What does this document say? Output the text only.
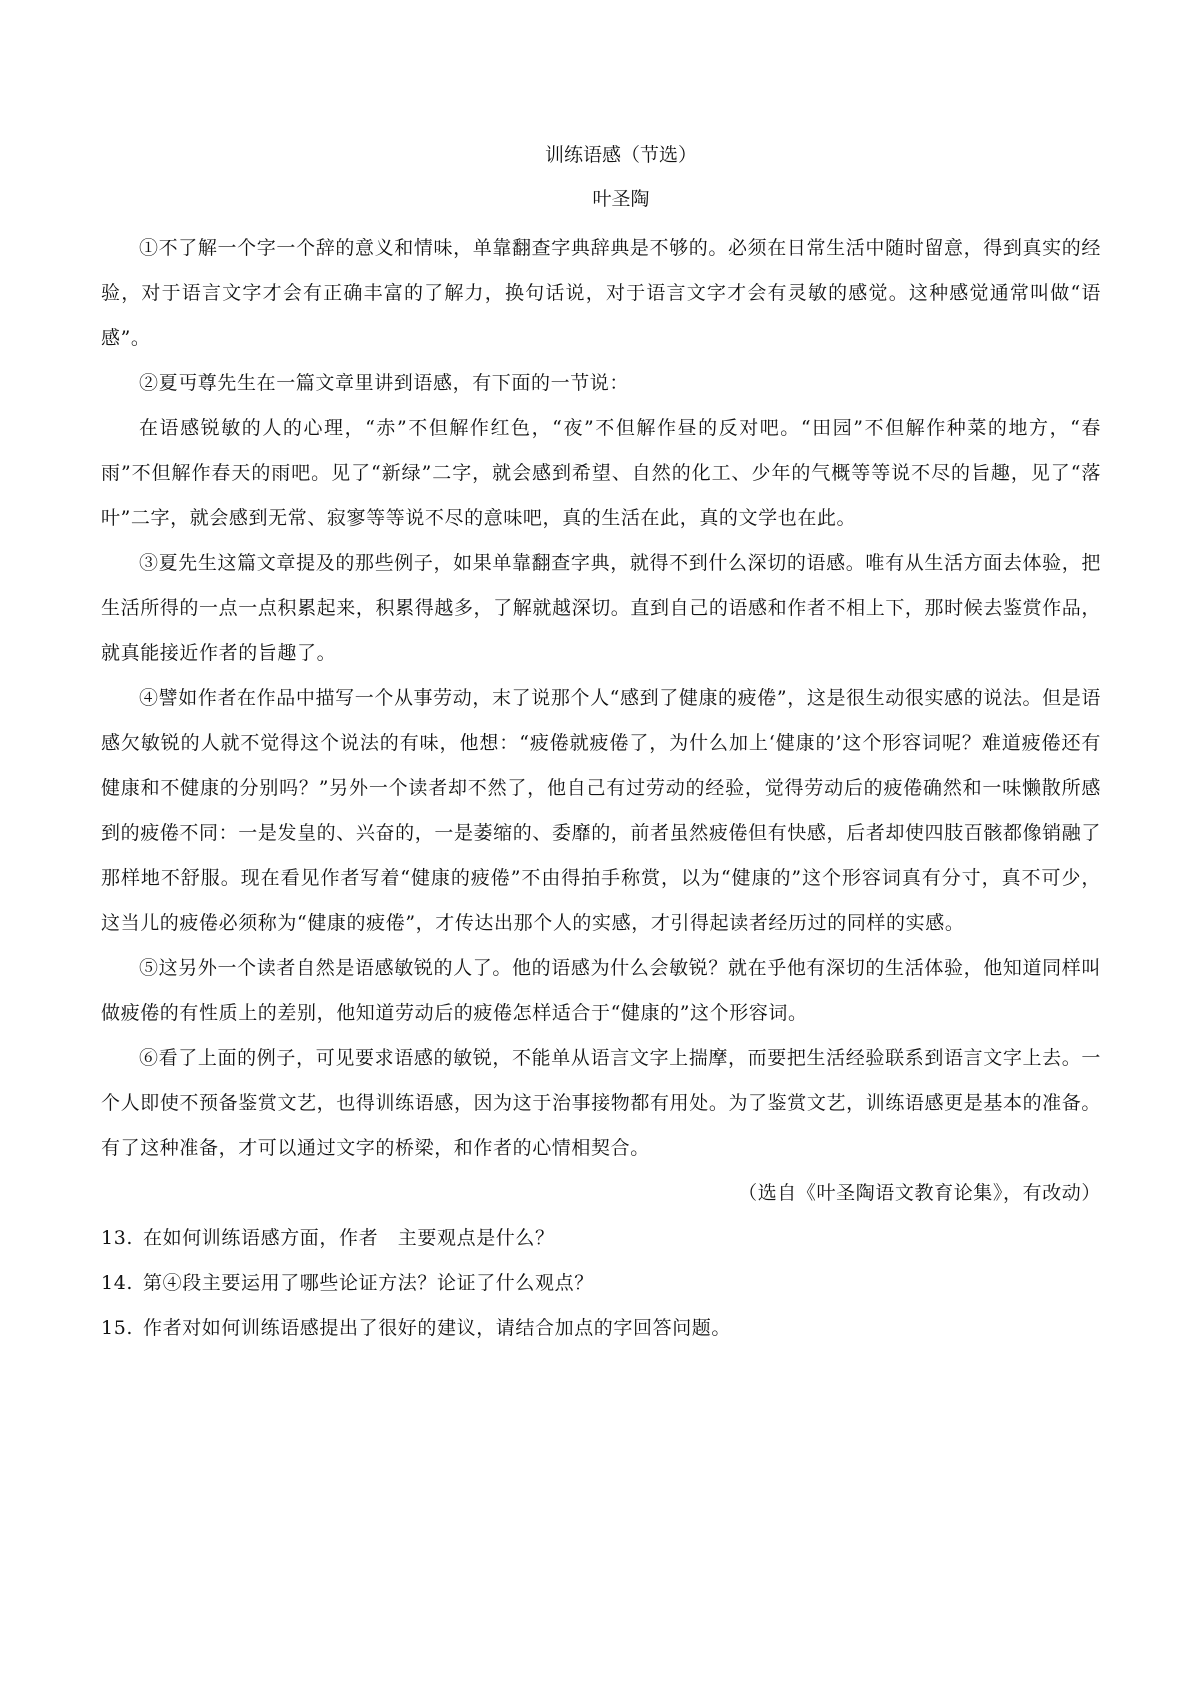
训练语感（节选）

叶圣陶

①不了解一个字一个辞的意义和情味，单靠翻查字典辞典是不够的。必须在日常生活中随时留意，得到真实的经验，对于语言文字才会有正确丰富的了解力，换句话说，对于语言文字才会有灵敏的感觉。这种感觉通常叫做“语感”。

②夏丏尊先生在一篇文章里讲到语感，有下面的一节说：

在语感锐敏的人的心理，“赤”不但解作红色，“夜”不但解作昼的反对吧。“田园”不但解作种菜的地方，“春雨”不但解作春天的雨吧。见了“新绿”二字，就会感到希望、自然的化工、少年的气概等等说不尽的旨趣，见了“落叶”二字，就会感到无常、寂寥等等说不尽的意味吧，真的生活在此，真的文学也在此。

③夏先生这篇文章提及的那些例子，如果单靠翻查字典，就得不到什么深切的语感。唯有从生活方面去体验，把生活所得的一点一点积累起来，积累得越多，了解就越深切。直到自己的语感和作者不相上下，那时候去鉴赏作品，就真能接近作者的旨趣了。

④譬如作者在作品中描写一个从事劳动，末了说那个人“感到了健康的疲倦”，这是很生动很实感的说法。但是语感欠敏锐的人就不觉得这个说法的有味，他想：“疲倦就疲倦了，为什么加上‘健康的’这个形容词呢？难道疲倦还有健康和不健康的分别吗？”另外一个读者却不然了，他自己有过劳动的经验，觉得劳动后的疲倦确然和一味懒散所感到的疲倦不同：一是发皇的、兴奋的，一是萎缩的、委靡的，前者虽然疲倦但有快感，后者却使四肢百骸都像销融了那样地不舒服。现在看见作者写着“健康的疲倦”不由得拍手称赏，以为“健康的”这个形容词真有分寸，真不可少，这当儿的疲倦必须称为“健康的疲倦”，才传达出那个人的实感，才引得起读者经历过的同样的实感。

⑤这另外一个读者自然是语感敏锐的人了。他的语感为什么会敏锐？就在乎他有深切的生活体验，他知道同样叫做疲倦的有性质上的差别，他知道劳动后的疲倦怎样适合于“健康的”这个形容词。

⑥看了上面的例子，可见要求语感的敏锐，不能单从语言文字上揣摩，而要把生活经验联系到语言文字上去。一个人即使不预备鉴赏文艺，也得训练语感，因为这于治事接物都有用处。为了鉴赏文艺，训练语感更是基本的准备。有了这种准备，才可以通过文字的桥梁，和作者的心情相契合。

（选自《叶圣陶语文教育论集》，有改动）

13. 在如何训练语感方面，作者　主要观点是什么？

14. 第④段主要运用了哪些论证方法？论证了什么观点？

15. 作者对如何训练语感提出了很好的建议，请结合加点的字回答问题。
